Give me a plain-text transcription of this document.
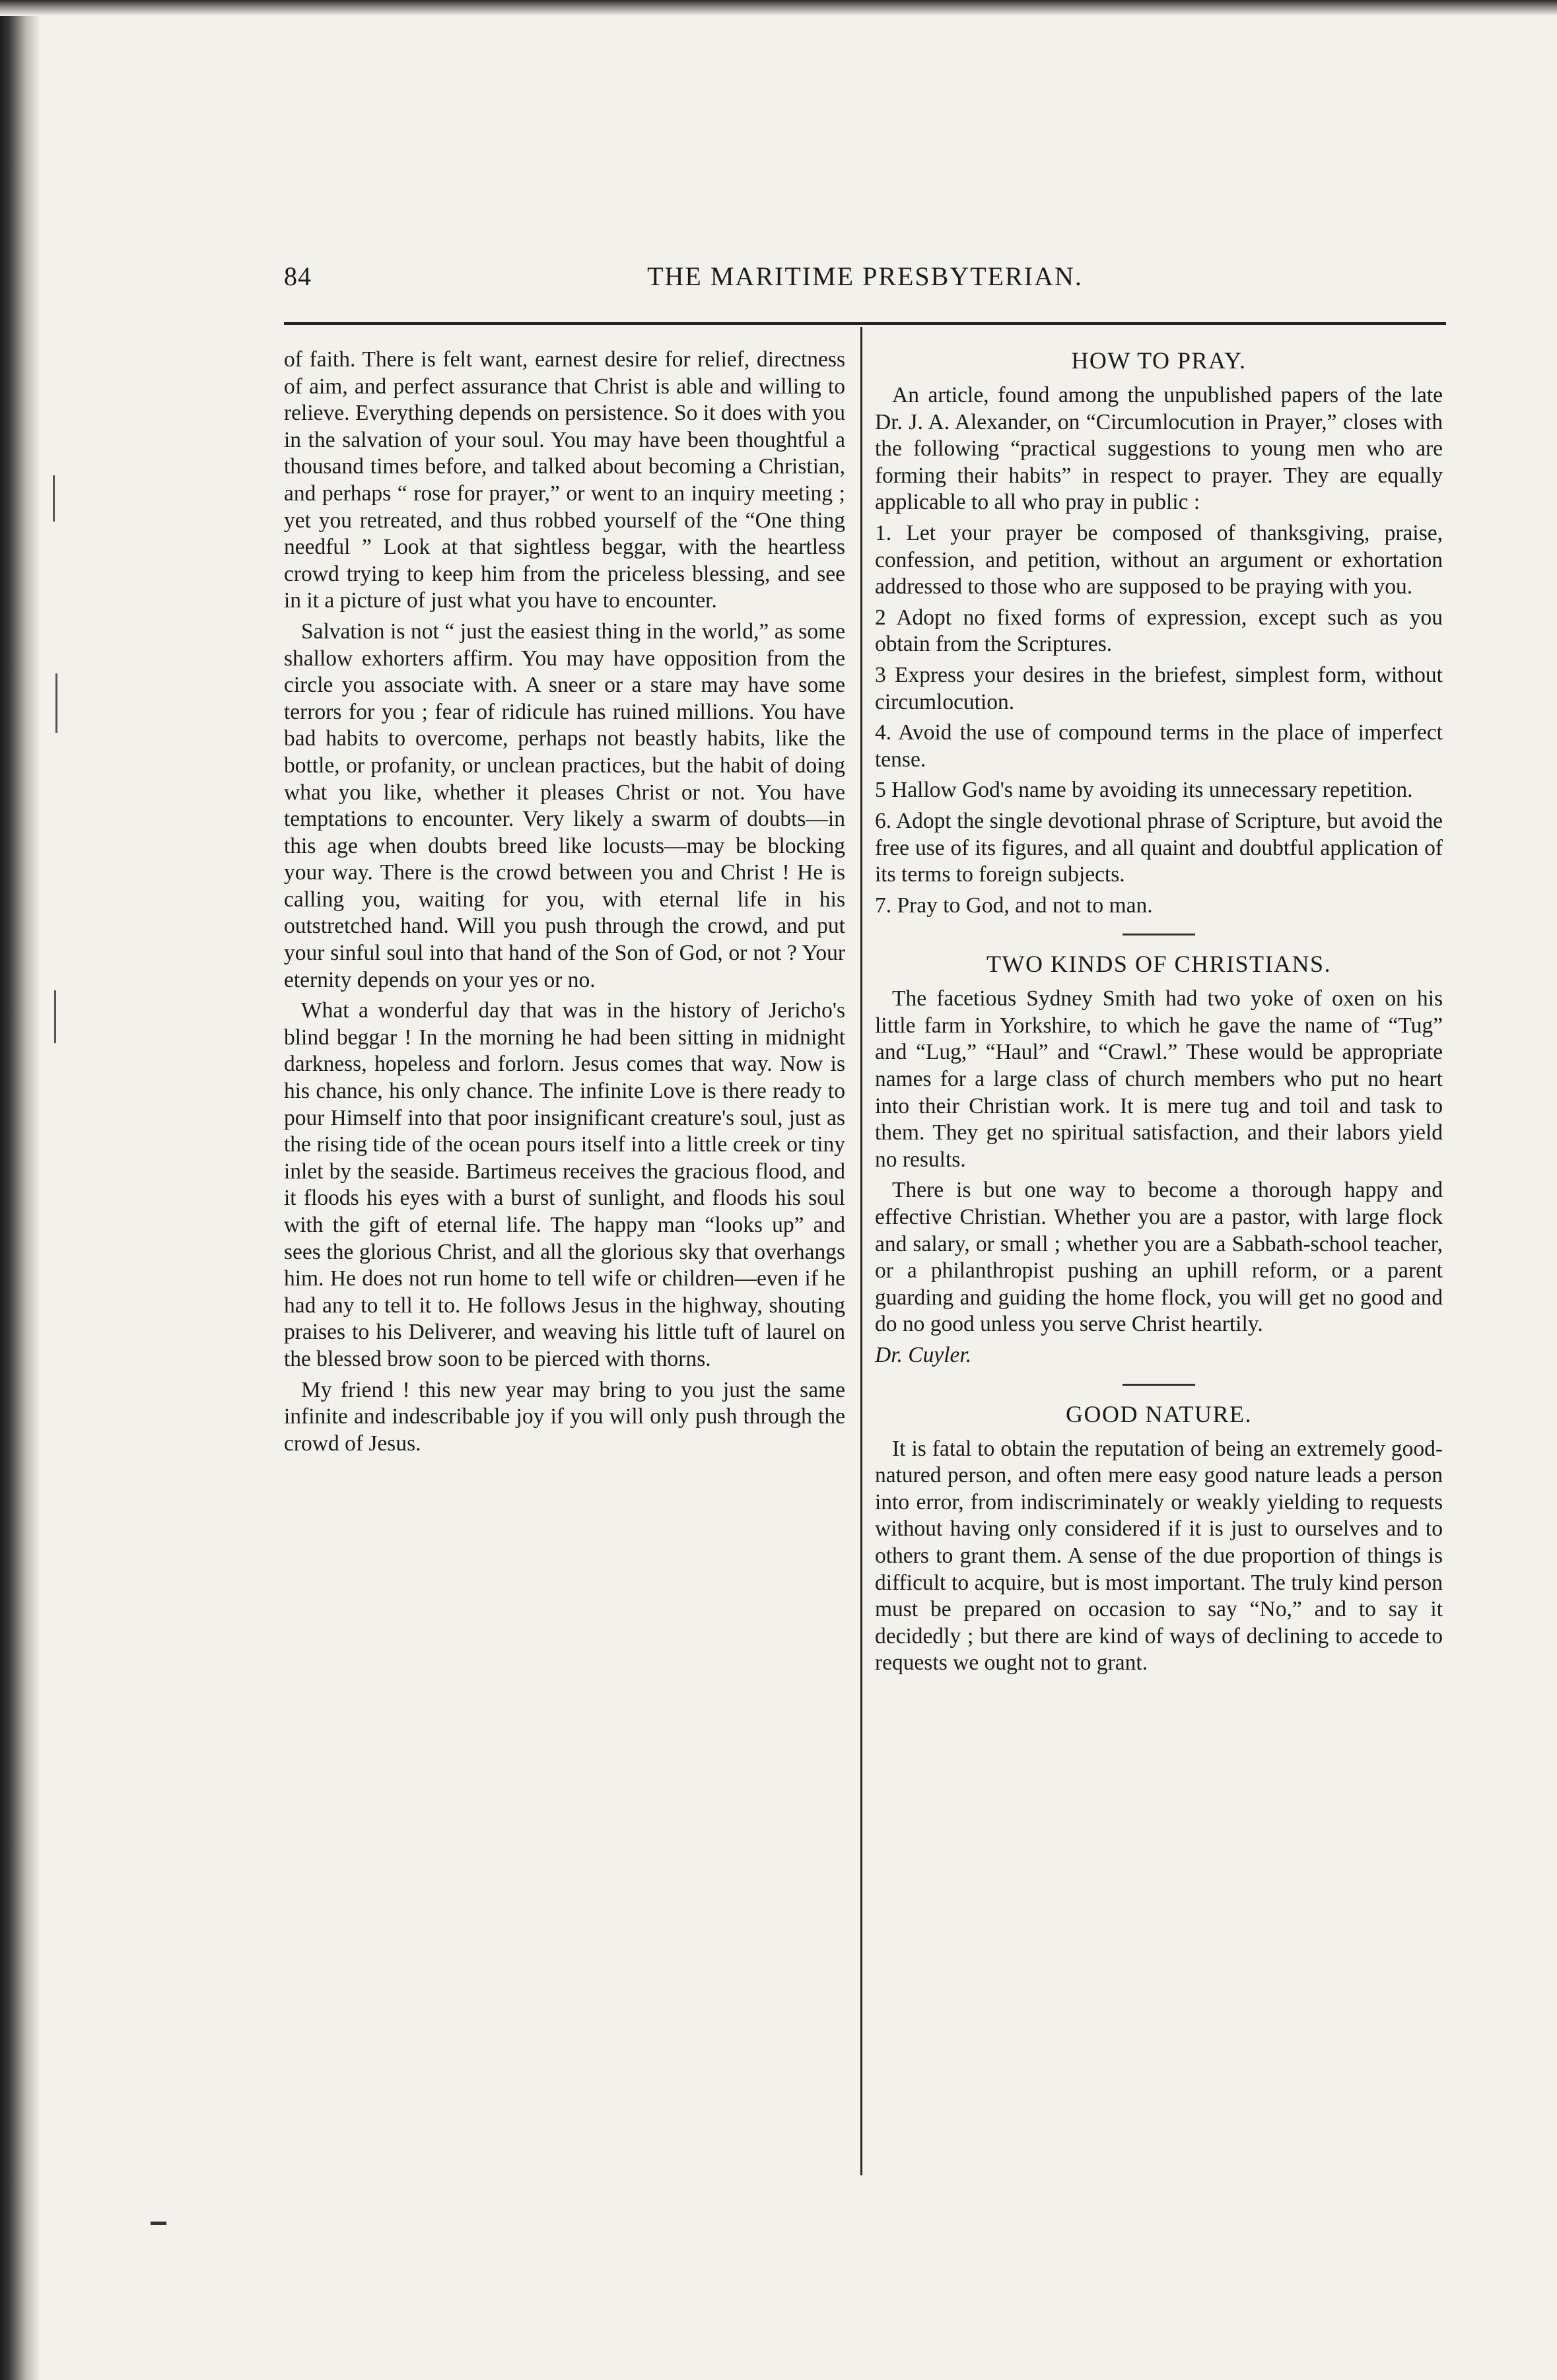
84	THE MARITIME PRESBYTERIAN.

of faith. There is felt want, earnest desire for relief, directness of aim, and perfect assurance that Christ is able and willing to relieve. Everything depends on persistence. So it does with you in the salvation of your soul. You may have been thoughtful a thousand times before, and talked about becoming a Christian, and perhaps “ rose for prayer,” or went to an inquiry meeting ; yet you retreated, and thus robbed yourself of the “One thing needful ” Look at that sightless beggar, with the heartless crowd trying to keep him from the priceless blessing, and see in it a picture of just what you have to encounter.

Salvation is not “ just the easiest thing in the world,” as some shallow exhorters affirm. You may have opposition from the circle you associate with. A sneer or a stare may have some terrors for you ; fear of ridicule has ruined millions. You have bad habits to overcome, perhaps not beastly habits, like the bottle, or profanity, or unclean practices, but the habit of doing what you like, whether it pleases Christ or not. You have temptations to encounter. Very likely a swarm of doubts—in this age when doubts breed like locusts—may be blocking your way. There is the crowd between you and Christ ! He is calling you, waiting for you, with eternal life in his outstretched hand. Will you push through the crowd, and put your sinful soul into that hand of the Son of God, or not ? Your eternity depends on your yes or no.

What a wonderful day that was in the history of Jericho's blind beggar ! In the morning he had been sitting in midnight darkness, hopeless and forlorn. Jesus comes that way. Now is his chance, his only chance. The infinite Love is there ready to pour Himself into that poor insignificant creature's soul, just as the rising tide of the ocean pours itself into a little creek or tiny inlet by the seaside. Bartimeus receives the gracious flood, and it floods his eyes with a burst of sunlight, and floods his soul with the gift of eternal life. The happy man “looks up” and sees the glorious Christ, and all the glorious sky that overhangs him. He does not run home to tell wife or children—even if he had any to tell it to. He follows Jesus in the highway, shouting praises to his Deliverer, and weaving his little tuft of laurel on the blessed brow soon to be pierced with thorns.

My friend ! this new year may bring to you just the same infinite and indescribable joy if you will only push through the crowd of Jesus.

HOW TO PRAY.

An article, found among the unpublished papers of the late Dr. J. A. Alexander, on “Circumlocution in Prayer,” closes with the following “practical suggestions to young men who are forming their habits” in respect to prayer. They are equally applicable to all who pray in public :

1. Let your prayer be composed of thanksgiving, praise, confession, and petition, without an argument or exhortation addressed to those who are supposed to be praying with you.

2 Adopt no fixed forms of expression, except such as you obtain from the Scriptures.

3 Express your desires in the briefest, simplest form, without circumlocution.

4. Avoid the use of compound terms in the place of imperfect tense.

5 Hallow God's name by avoiding its unnecessary repetition.

6. Adopt the single devotional phrase of Scripture, but avoid the free use of its figures, and all quaint and doubtful application of its terms to foreign subjects.

7. Pray to God, and not to man.

TWO KINDS OF CHRISTIANS.

The facetious Sydney Smith had two yoke of oxen on his little farm in Yorkshire, to which he gave the name of “Tug” and “Lug,” “Haul” and “Crawl.” These would be appropriate names for a large class of church members who put no heart into their Christian work. It is mere tug and toil and task to them. They get no spiritual satisfaction, and their labors yield no results.

There is but one way to become a thorough happy and effective Christian. Whether you are a pastor, with large flock and salary, or small ; whether you are a Sabbath-school teacher, or a philanthropist pushing an uphill reform, or a parent guarding and guiding the home flock, you will get no good and do no good unless you serve Christ heartily.

Dr. Cuyler.

GOOD NATURE.

It is fatal to obtain the reputation of being an extremely good-natured person, and often mere easy good nature leads a person into error, from indiscriminately or weakly yielding to requests without having only considered if it is just to ourselves and to others to grant them. A sense of the due proportion of things is difficult to acquire, but is most important. The truly kind person must be prepared on occasion to say “No,” and to say it decidedly ; but there are kind of ways of declining to accede to requests we ought not to grant.
